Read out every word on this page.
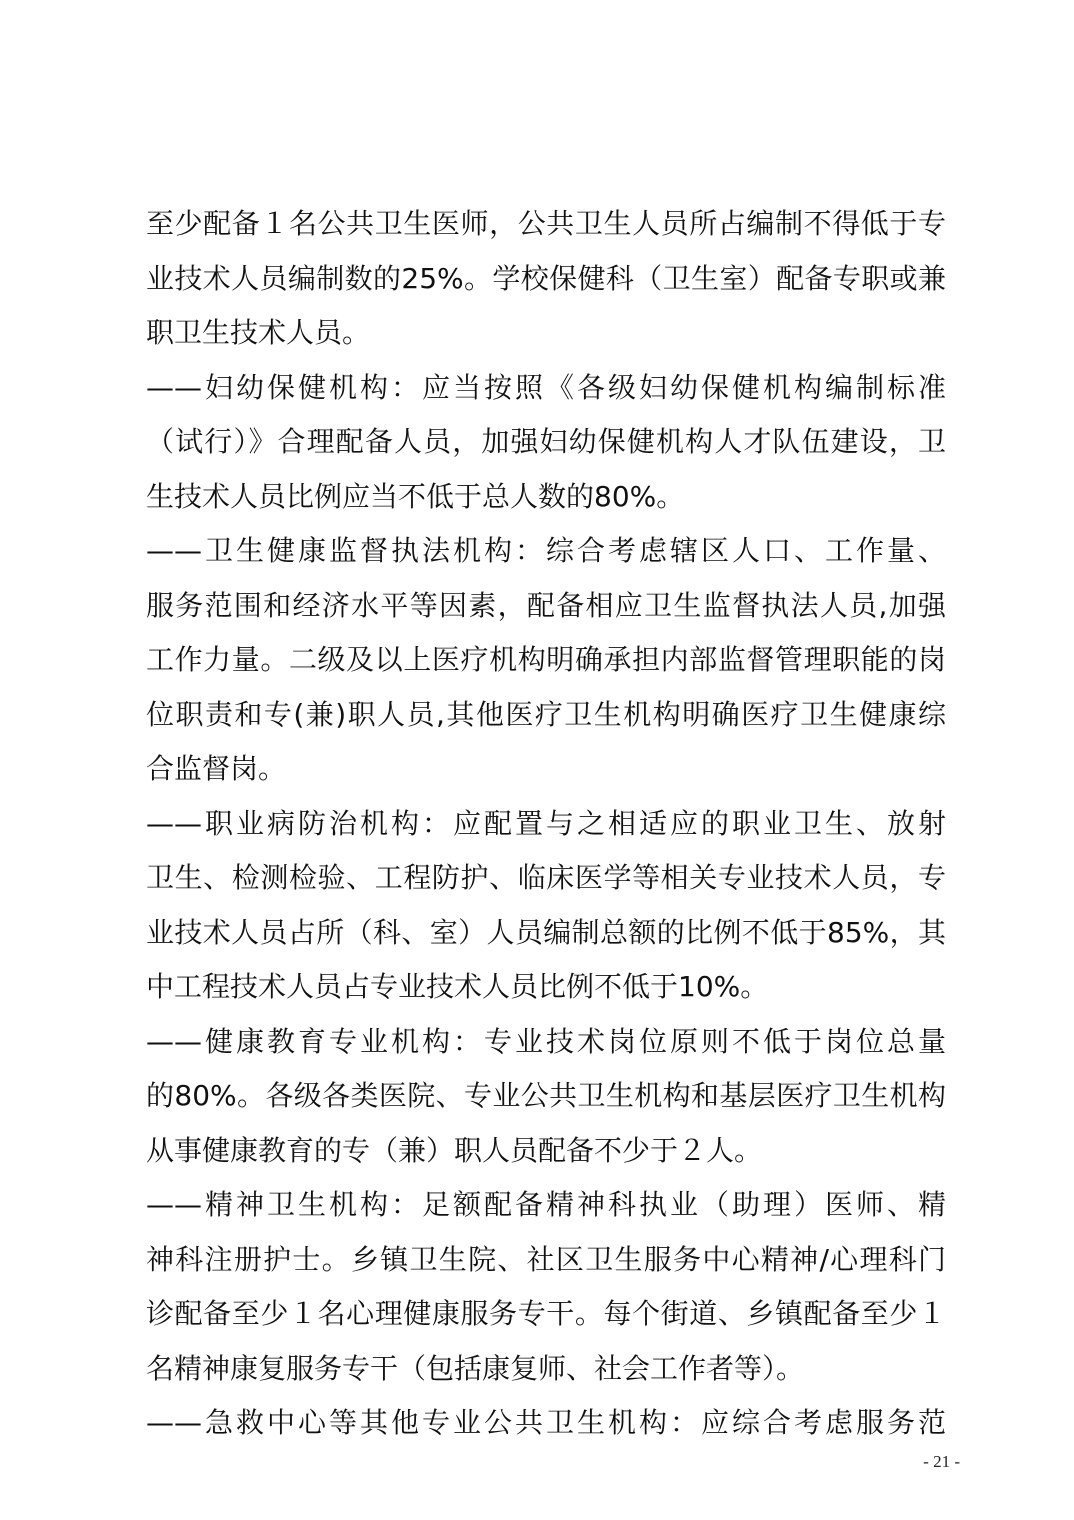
至少配备１名公共卫生医师，公共卫生人员所占编制不得低于专
业技术人员编制数的25%。学校保健科（卫生室）配备专职或兼
职卫生技术人员。
——妇幼保健机构：应当按照《各级妇幼保健机构编制标准
（试行）》合理配备人员，加强妇幼保健机构人才队伍建设，卫
生技术人员比例应当不低于总人数的80%。
——卫生健康监督执法机构：综合考虑辖区人口、工作量、
服务范围和经济水平等因素，配备相应卫生监督执法人员,加强
工作力量。二级及以上医疗机构明确承担内部监督管理职能的岗
位职责和专(兼)职人员,其他医疗卫生机构明确医疗卫生健康综
合监督岗。
——职业病防治机构：应配置与之相适应的职业卫生、放射
卫生、检测检验、工程防护、临床医学等相关专业技术人员，专
业技术人员占所（科、室）人员编制总额的比例不低于85%，其
中工程技术人员占专业技术人员比例不低于10%。
——健康教育专业机构：专业技术岗位原则不低于岗位总量
的80%。各级各类医院、专业公共卫生机构和基层医疗卫生机构
从事健康教育的专（兼）职人员配备不少于２人。
——精神卫生机构：足额配备精神科执业（助理）医师、精
神科注册护士。乡镇卫生院、社区卫生服务中心精神/心理科门
诊配备至少１名心理健康服务专干。每个街道、乡镇配备至少１
名精神康复服务专干（包括康复师、社会工作者等）。
——急救中心等其他专业公共卫生机构：应综合考虑服务范
- 21 -
